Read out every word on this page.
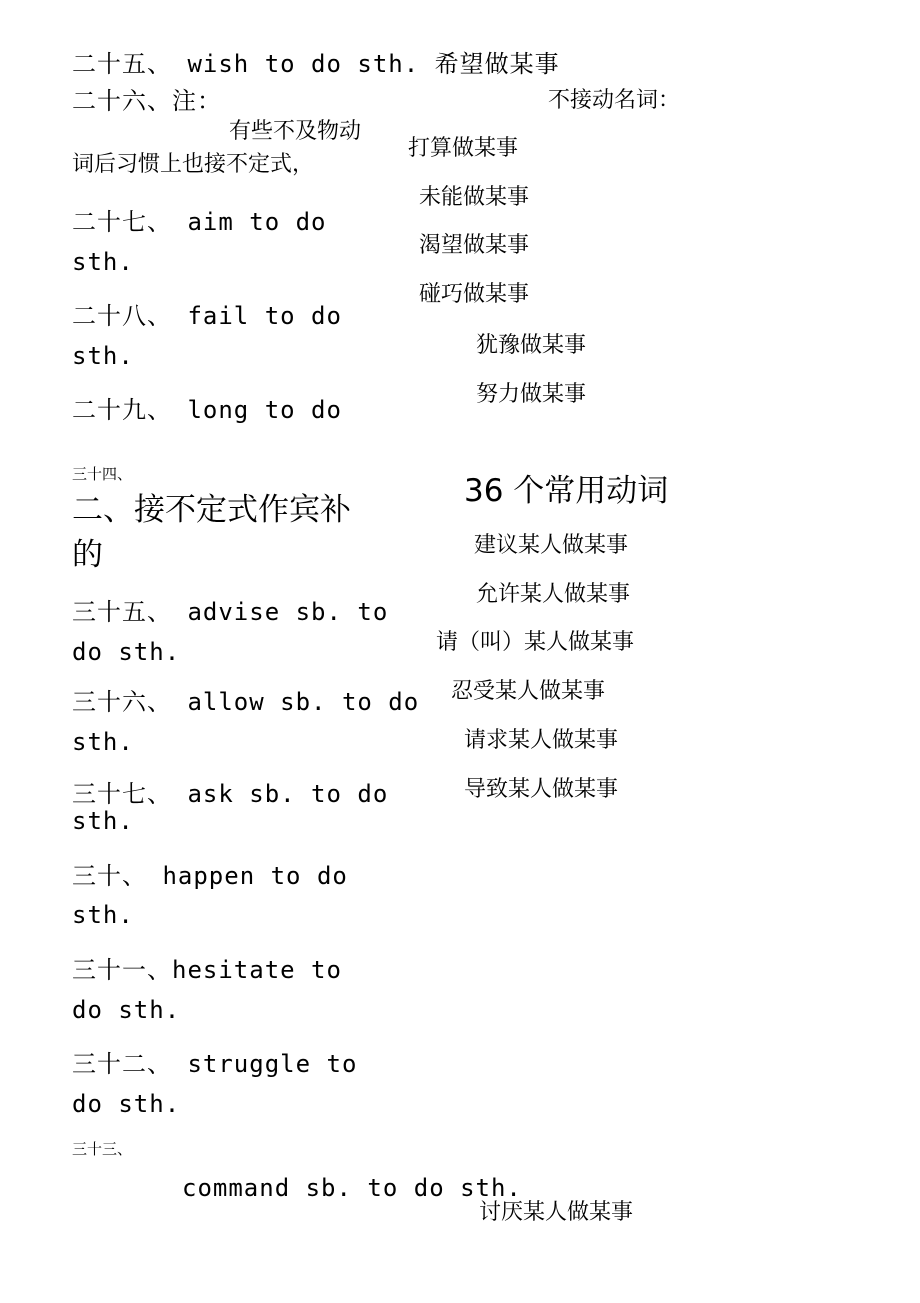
二十五、 wish to do sth. 希望做某事
二十六、注：
有些不及物动
词后习惯上也接不定式，
二十七、 aim to do
sth.
二十八、 fail to do
sth.
二十九、 long to do
三十四、
二、接不定式作宾补
的
三十五、 advise sb. to
do sth.
三十六、 allow sb. to do
sth.
三十七、 ask sb. to do
sth.
三十、 happen to do
sth.
三十一、hesitate to
do sth.
三十二、 struggle to
do sth.
三十三、
command sb. to do sth.
不接动名词：
打算做某事
未能做某事
渴望做某事
碰巧做某事
犹豫做某事
努力做某事
36 个常用动词
建议某人做某事
允许某人做某事
请（叫）某人做某事
忍受某人做某事
请求某人做某事
导致某人做某事
讨厌某人做某事
